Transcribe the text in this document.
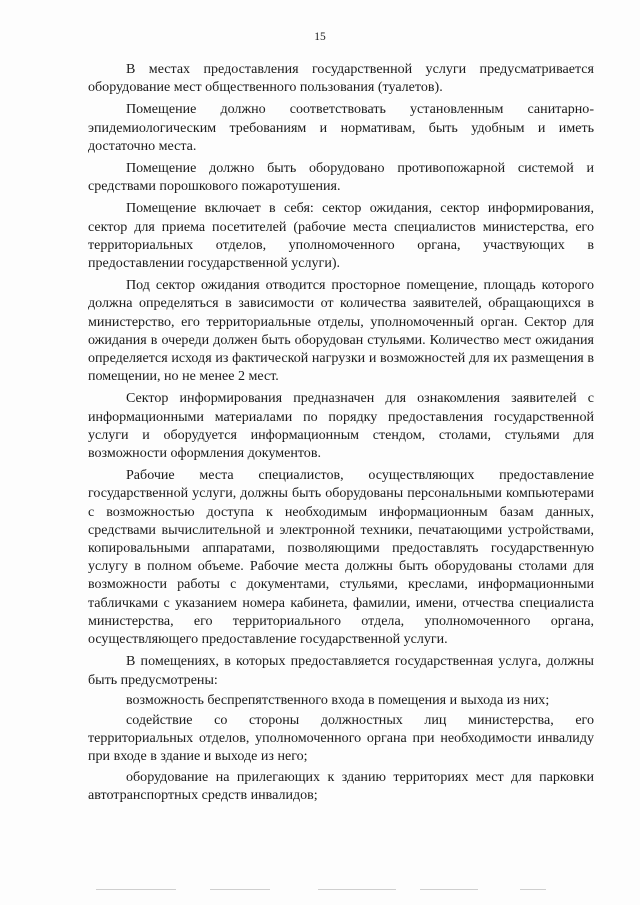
15

В местах предоставления государственной услуги предусматривается оборудование мест общественного пользования (туалетов).

Помещение должно соответствовать установленным санитарно-эпидемиологическим требованиям и нормативам, быть удобным и иметь достаточно места.

Помещение должно быть оборудовано противопожарной системой и средствами порошкового пожаротушения.

Помещение включает в себя: сектор ожидания, сектор информирования, сектор для приема посетителей (рабочие места специалистов министерства, его территориальных отделов, уполномоченного органа, участвующих в предоставлении государственной услуги).

Под сектор ожидания отводится просторное помещение, площадь которого должна определяться в зависимости от количества заявителей, обращающихся в министерство, его территориальные отделы, уполномоченный орган. Сектор для ожидания в очереди должен быть оборудован стульями. Количество мест ожидания определяется исходя из фактической нагрузки и возможностей для их размещения в помещении, но не менее 2 мест.

Сектор информирования предназначен для ознакомления заявителей с информационными материалами по порядку предоставления государственной услуги и оборудуется информационным стендом, столами, стульями для возможности оформления документов.

Рабочие места специалистов, осуществляющих предоставление государственной услуги, должны быть оборудованы персональными компьютерами с возможностью доступа к необходимым информационным базам данных, средствами вычислительной и электронной техники, печатающими устройствами, копировальными аппаратами, позволяющими предоставлять государственную услугу в полном объеме. Рабочие места должны быть оборудованы столами для возможности работы с документами, стульями, креслами, информационными табличками с указанием номера кабинета, фамилии, имени, отчества специалиста министерства, его территориального отдела, уполномоченного органа, осуществляющего предоставление государственной услуги.

В помещениях, в которых предоставляется государственная услуга, должны быть предусмотрены:

возможность беспрепятственного входа в помещения и выхода из них;

содействие со стороны должностных лиц министерства, его территориальных отделов, уполномоченного органа при необходимости инвалиду при входе в здание и выходе из него;

оборудование на прилегающих к зданию территориях мест для парковки автотранспортных средств инвалидов;
